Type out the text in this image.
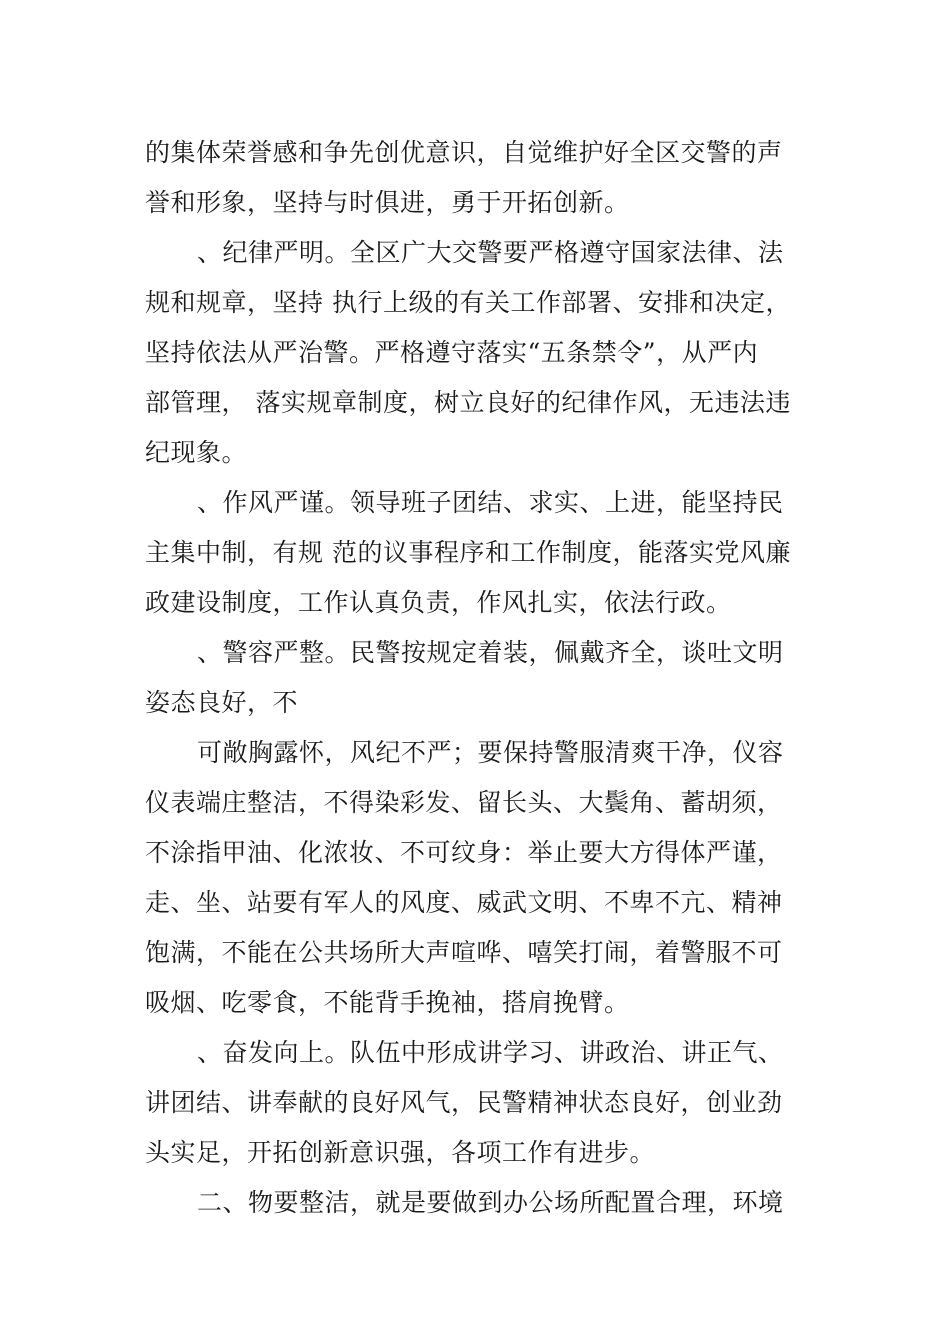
的集体荣誉感和争先创优意识，自觉维护好全区交警的声
誉和形象，坚持与时俱进，勇于开拓创新。
、纪律严明。全区广大交警要严格遵守国家法律、法
规和规章，坚持 执行上级的有关工作部署、安排和决定，
坚持依法从严治警。严格遵守落实“五条禁令”，从严内
部管理， 落实规章制度，树立良好的纪律作风，无违法违
纪现象。
、作风严谨。领导班子团结、求实、上进，能坚持民
主集中制，有规 范的议事程序和工作制度，能落实党风廉
政建设制度，工作认真负责，作风扎实，依法行政。
、警容严整。民警按规定着装，佩戴齐全，谈吐文明
姿态良好，不
可敞胸露怀，风纪不严；要保持警服清爽干净，仪容
仪表端庄整洁，不得染彩发、留长头、大鬓角、蓄胡须，
不涂指甲油、化浓妆、不可纹身：举止要大方得体严谨，
走、坐、站要有军人的风度、威武文明、不卑不亢、精神
饱满，不能在公共场所大声喧哗、嘻笑打闹，着警服不可
吸烟、吃零食，不能背手挽袖，搭肩挽臂。
、奋发向上。队伍中形成讲学习、讲政治、讲正气、
讲团结、讲奉献的良好风气，民警精神状态良好，创业劲
头实足，开拓创新意识强，各项工作有进步。
二、物要整洁，就是要做到办公场所配置合理，环境
